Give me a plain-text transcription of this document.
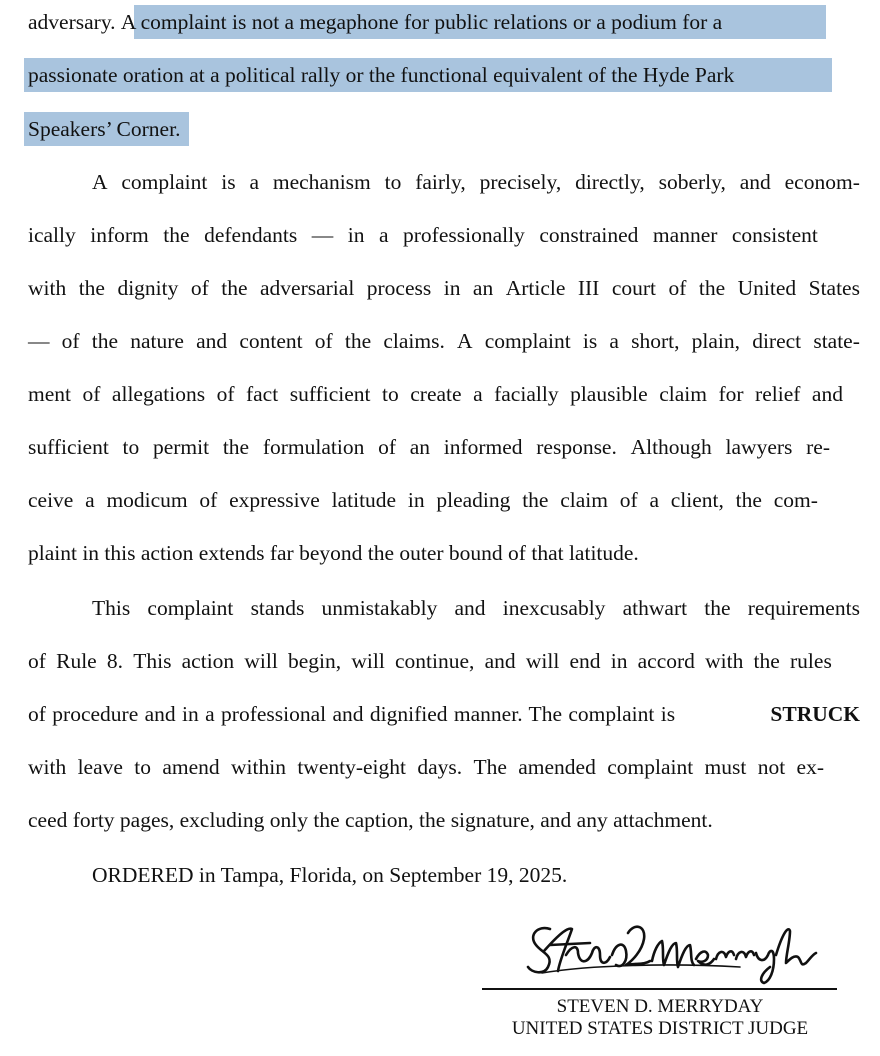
adversary.
A complaint is not a megaphone for public relations or a podium for a
passionate oration at a political rally or the functional equivalent of the Hyde Park
Speakers’ Corne r.
A complaint is a mechanism to fairly, precisely, directly, soberly, and econom-
ically inform the defendants — in a professionally constrained manner consistent
with the dignity of the adversarial process in an Article III court of the United States
— of the nature and content of the claims. A complaint is a short, plain, direct state-
ment of allegations of fact sufficient to create a facially plausible claim for relief and
sufficient to permit the formulation of an informed response. Although lawyers re-
ceive a modicum of expressive latitude in pleading the claim of a client, the com-
plaint in this action extends far beyond the outer bound of that latitude.
This complaint stands unmistakably and inexcusably athwart the requirements
of Rule 8. This action will begin, will continue, and will end in accord with the rules
of procedure and in a professional and dignified manner. The complaint is	STRUCK
with leave to amend within twenty-eight days. The amended complaint must not ex-
ceed forty pages, excluding only the caption, the signature, and any attachment.
ORDERED in Tampa, Florida, on September 19, 2025.
STEVEN D. MERRYDAY
UNITED STATES DISTRICT JUDGE
